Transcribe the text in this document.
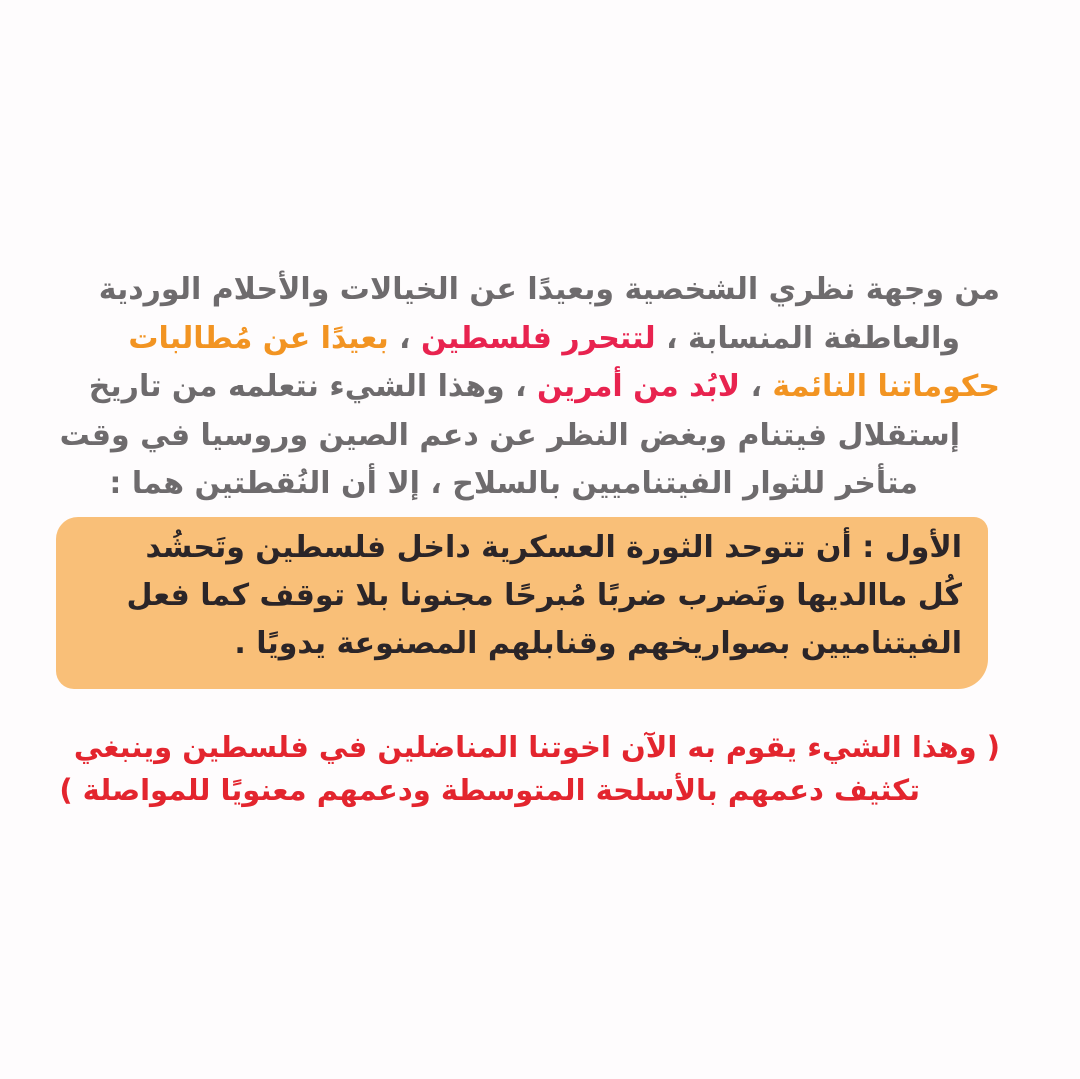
من وجهة نظري الشخصية وبعيدًا عن الخيالات والأحلام الوردية
والعاطفة المنسابة ، لتتحرر فلسطين ، بعيدًا عن مُطالبات
حكوماتنا النائمة ، لابُد من أمرين ، وهذا الشيء نتعلمه من تاريخ
إستقلال فيتنام وبغض النظر عن دعم الصين وروسيا في وقت
متأخر للثوار الفيتناميين بالسلاح ، إلا أن النُقطتين هما :
الأول : أن تتوحد الثورة العسكرية داخل فلسطين وتَحشُد
كُل ماالديها وتَضرب ضربًا مُبرحًا مجنونا بلا توقف كما فعل
الفيتناميين بصواريخهم وقنابلهم المصنوعة يدويًا .
( وهذا الشيء يقوم به الآن اخوتنا المناضلين في فلسطين وينبغي
تكثيف دعمهم بالأسلحة المتوسطة ودعمهم معنويًا للمواصلة )
